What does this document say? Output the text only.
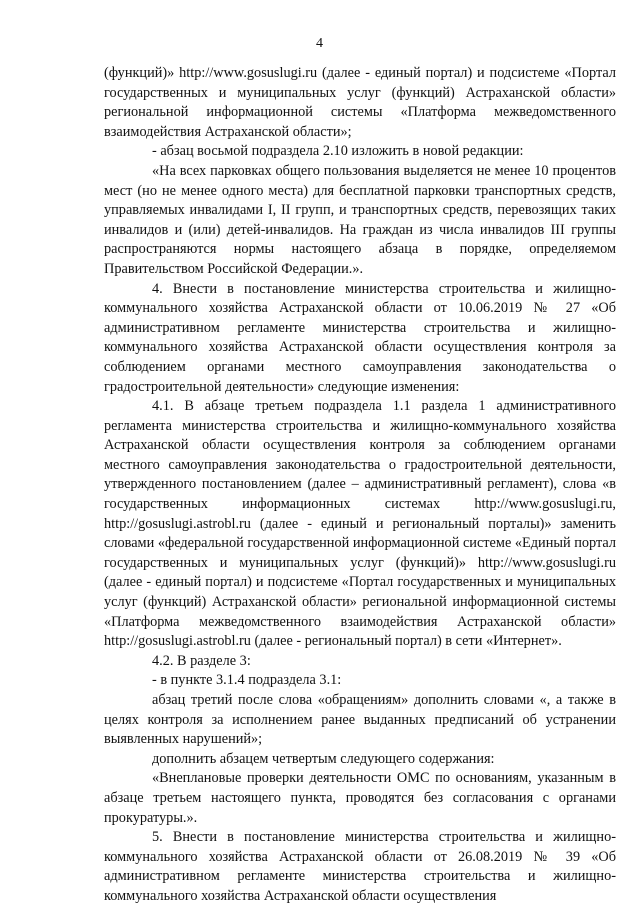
4

(функций)» http://www.gosuslugi.ru (далее - единый портал) и подсистеме «Портал государственных и муниципальных услуг (функций) Астраханской области» региональной информационной системы «Платформа межведомственного взаимодействия Астраханской области»;

- абзац восьмой подраздела 2.10 изложить в новой редакции:

«На всех парковках общего пользования выделяется не менее 10 процентов мест (но не менее одного места) для бесплатной парковки транспортных средств, управляемых инвалидами I, II групп, и транспортных средств, перевозящих таких инвалидов и (или) детей-инвалидов. На граждан из числа инвалидов III группы распространяются нормы настоящего абзаца в порядке, определяемом Правительством Российской Федерации.».

4. Внести в постановление министерства строительства и жилищно-коммунального хозяйства Астраханской области от 10.06.2019 № 27 «Об административном регламенте министерства строительства и жилищно-коммунального хозяйства Астраханской области осуществления контроля за соблюдением органами местного самоуправления законодательства о градостроительной деятельности» следующие изменения:

4.1. В абзаце третьем подраздела 1.1 раздела 1 административного регламента министерства строительства и жилищно-коммунального хозяйства Астраханской области осуществления контроля за соблюдением органами местного самоуправления законодательства о градостроительной деятельности, утвержденного постановлением (далее – административный регламент), слова «в государственных информационных системах http://www.gosuslugi.ru, http://gosuslugi.astrobl.ru (далее - единый и региональный порталы)» заменить словами «федеральной государственной информационной системе «Единый портал государственных и муниципальных услуг (функций)» http://www.gosuslugi.ru (далее - единый портал) и подсистеме «Портал государственных и муниципальных услуг (функций) Астраханской области» региональной информационной системы «Платформа межведомственного взаимодействия Астраханской области» http://gosuslugi.astrobl.ru (далее - региональный портал) в сети «Интернет».

4.2. В разделе 3:

- в пункте 3.1.4 подраздела 3.1:

абзац третий после слова «обращениям» дополнить словами «, а также в целях контроля за исполнением ранее выданных предписаний об устранении выявленных нарушений»;

дополнить абзацем четвертым следующего содержания:

«Внеплановые проверки деятельности ОМС по основаниям, указанным в абзаце третьем настоящего пункта, проводятся без согласования с органами прокуратуры.».

5. Внести в постановление министерства строительства и жилищно-коммунального хозяйства Астраханской области от 26.08.2019 № 39 «Об административном регламенте министерства строительства и жилищно-коммунального хозяйства Астраханской области осуществления
